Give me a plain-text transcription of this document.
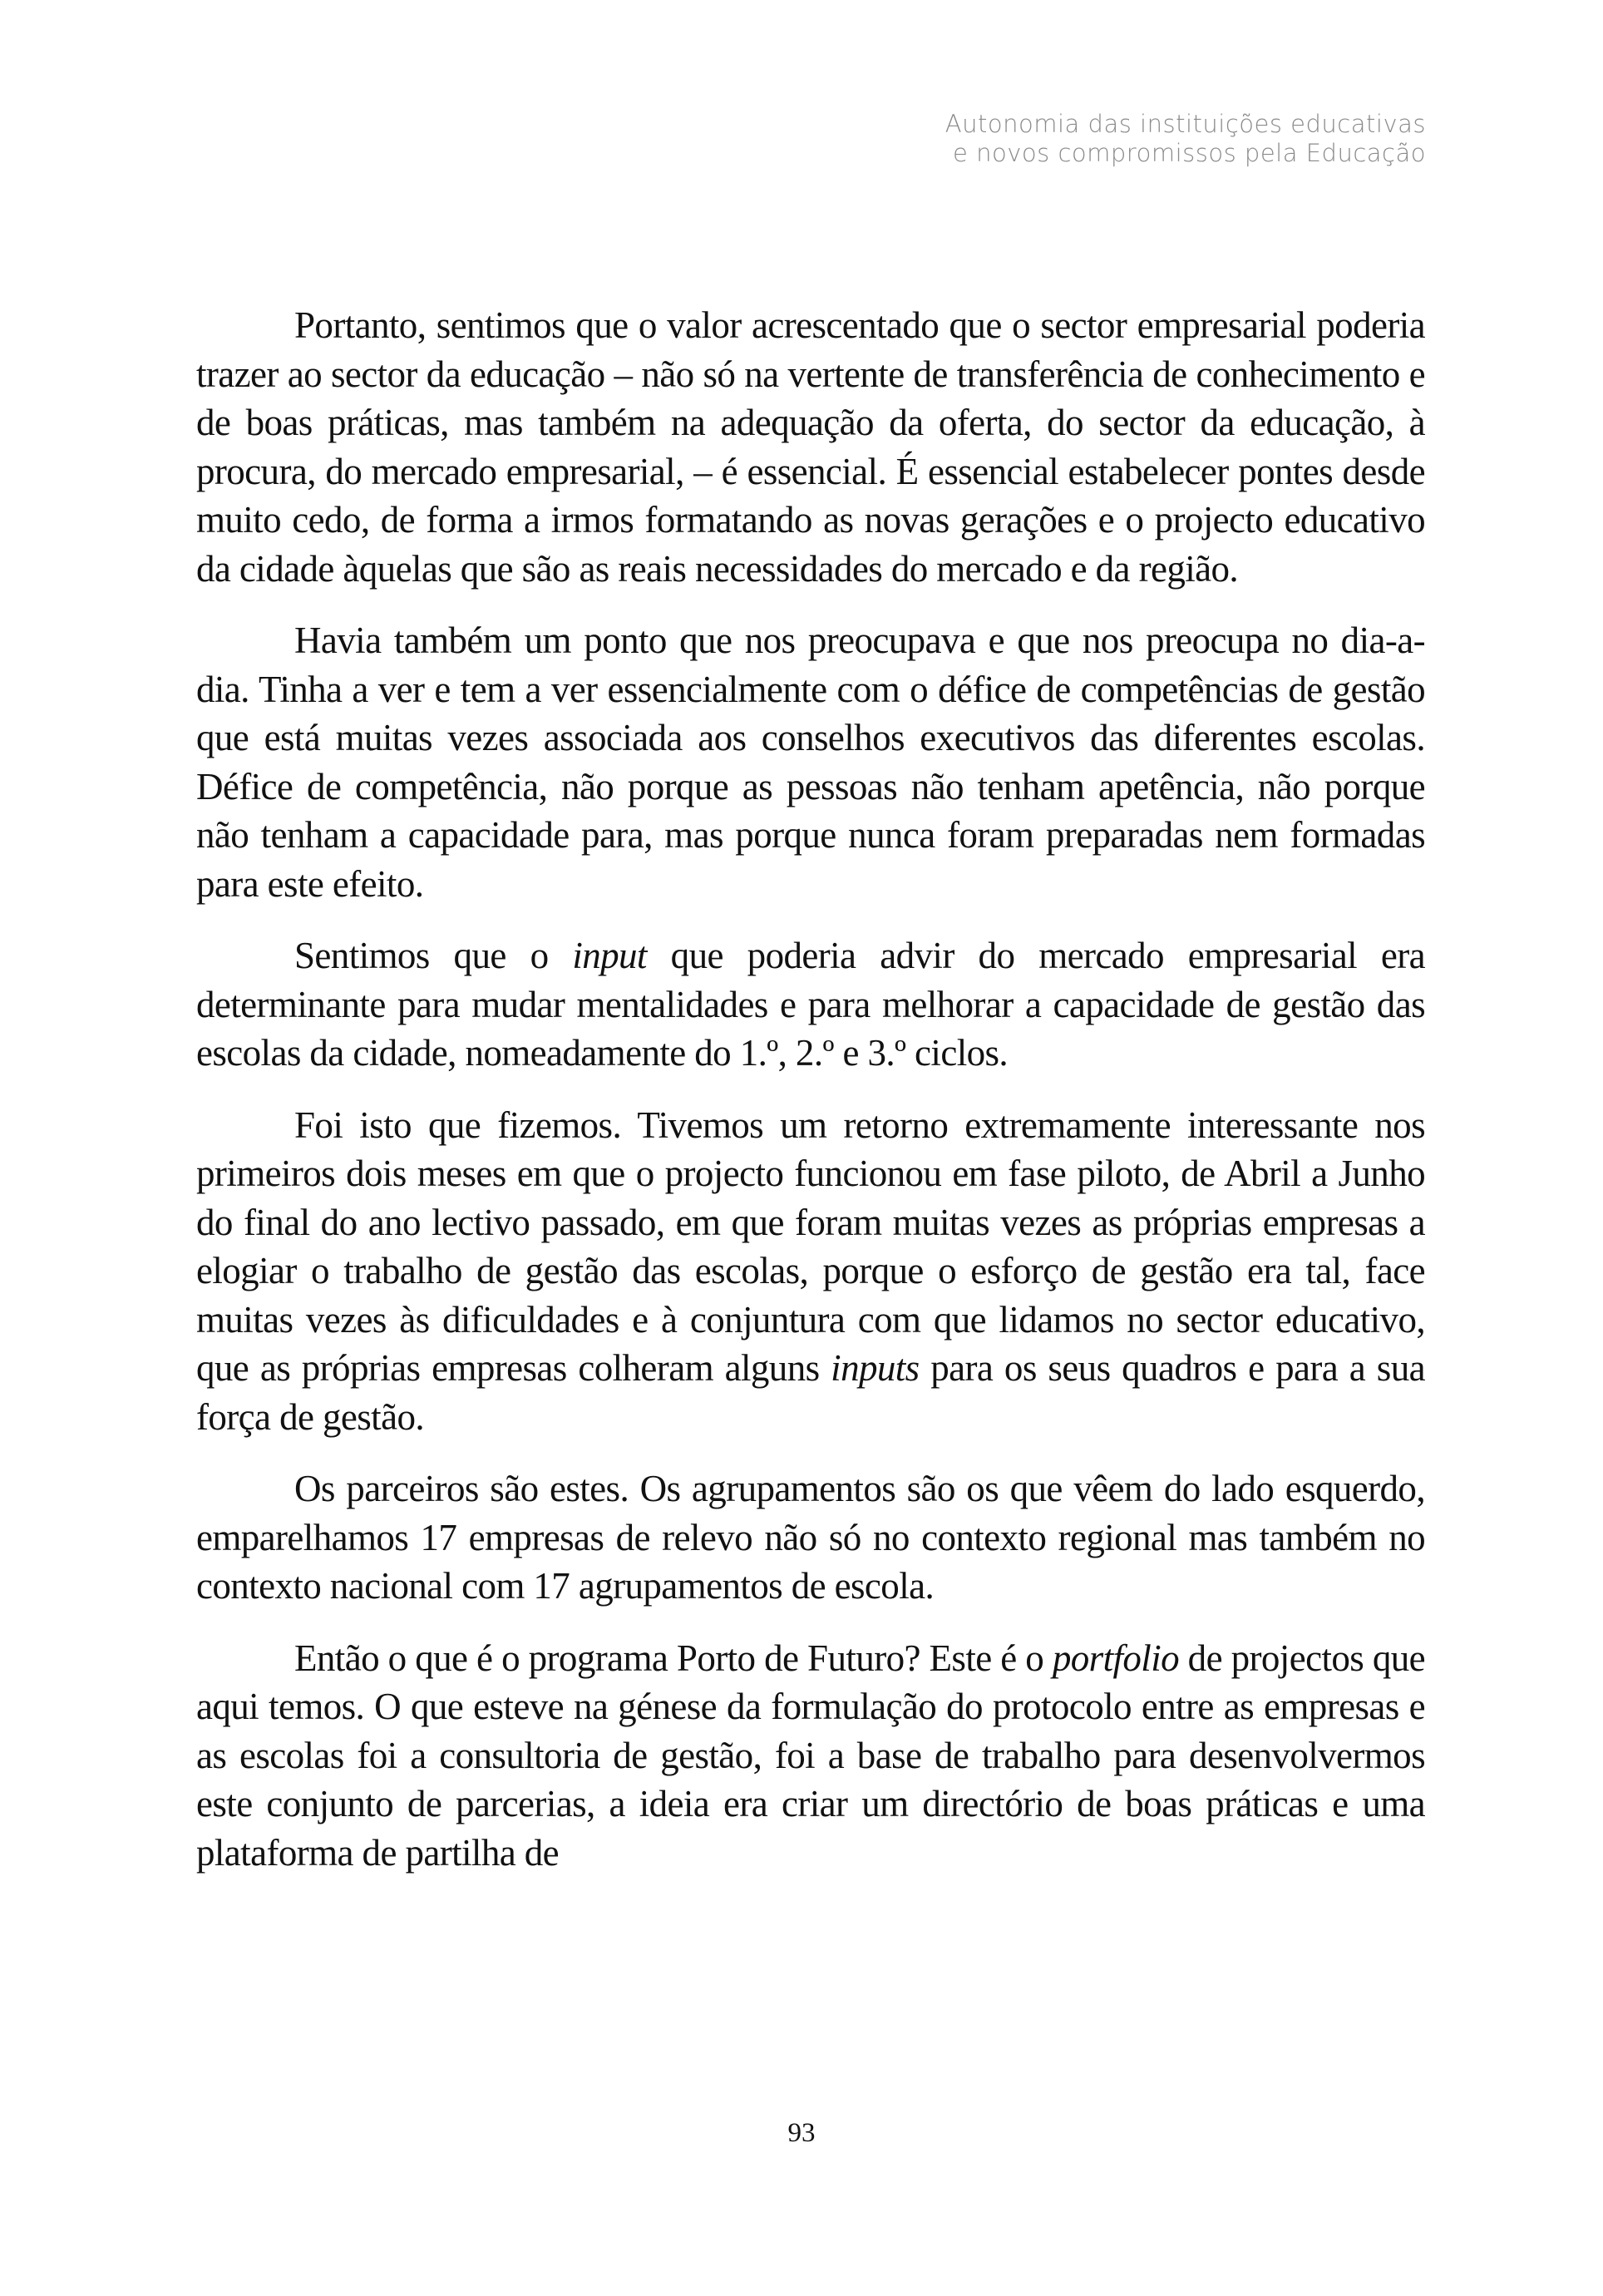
Autonomia das instituições educativas
e novos compromissos pela Educação

Portanto, sentimos que o valor acrescentado que o sector empresarial poderia trazer ao sector da educação – não só na vertente de transferência de conhecimento e de boas práticas, mas também na adequação da oferta, do sector da educação, à procura, do mercado empresarial, – é essencial. É essencial estabelecer pontes desde muito cedo, de forma a irmos formatando as novas gerações e o projecto educativo da cidade àquelas que são as reais necessidades do mercado e da região.

Havia também um ponto que nos preocupava e que nos preocupa no dia-a-dia. Tinha a ver e tem a ver essencialmente com o défice de competências de gestão que está muitas vezes associada aos conselhos executivos das diferentes escolas. Défice de competência, não porque as pessoas não tenham apetência, não porque não tenham a capacidade para, mas porque nunca foram preparadas nem formadas para este efeito.

Sentimos que o input que poderia advir do mercado empresarial era determinante para mudar mentalidades e para melhorar a capacidade de gestão das escolas da cidade, nomeadamente do 1.º, 2.º e 3.º ciclos.

Foi isto que fizemos. Tivemos um retorno extremamente interessante nos primeiros dois meses em que o projecto funcionou em fase piloto, de Abril a Junho do final do ano lectivo passado, em que foram muitas vezes as próprias empresas a elogiar o trabalho de gestão das escolas, porque o esforço de gestão era tal, face muitas vezes às dificuldades e à conjuntura com que lidamos no sector educativo, que as próprias empresas colheram alguns inputs para os seus quadros e para a sua força de gestão.

Os parceiros são estes. Os agrupamentos são os que vêem do lado esquerdo, emparelhamos 17 empresas de relevo não só no contexto regional mas também no contexto nacional com 17 agrupamentos de escola.

Então o que é o programa Porto de Futuro? Este é o portfolio de projectos que aqui temos. O que esteve na génese da formulação do protocolo entre as empresas e as escolas foi a consultoria de gestão, foi a base de trabalho para desenvolvermos este conjunto de parcerias, a ideia era criar um directório de boas práticas e uma plataforma de partilha de

93
